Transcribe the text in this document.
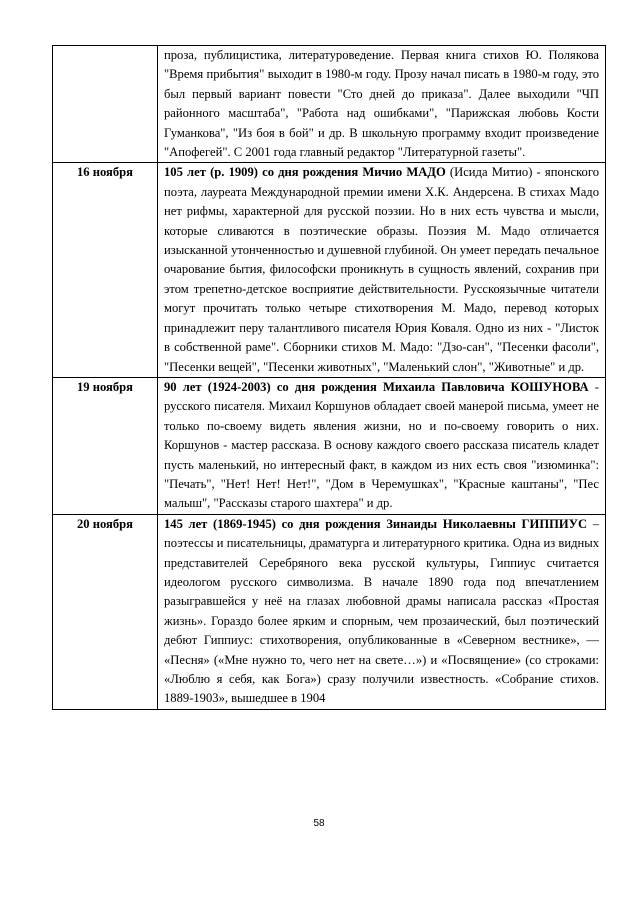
	проза, публицистика, литературоведение. Первая книга стихов Ю. Полякова "Время прибытия" выходит в 1980-м году. Прозу начал писать в 1980-м году, это был первый вариант повести "Сто дней до приказа". Далее выходили "ЧП районного масштаба", "Работа над ошибками", "Парижская любовь Кости Гуманкова", "Из боя в бой" и др. В школьную программу входит произведение "Апофегей". С 2001 года главный редактор "Литературной газеты".

16 ноября	105 лет (р. 1909) со дня рождения Мичио МАДО (Исида Митио) - японского поэта, лауреата Международной премии имени Х.К. Андерсена. В стихах Мадо нет рифмы, характерной для русской поэзии. Но в них есть чувства и мысли, которые сливаются в поэтические образы. Поэзия М. Мадо отличается изысканной утонченностью и душевной глубиной. Он умеет передать печальное очарование бытия, философски проникнуть в сущность явлений, сохранив при этом трепетно-детское восприятие действительности. Русскоязычные читатели могут прочитать только четыре стихотворения М. Мадо, перевод которых принадлежит перу талантливого писателя Юрия Коваля. Одно из них - "Листок в собственной раме". Сборники стихов М. Мадо: "Дзо-сан", "Песенки фасоли", "Песенки вещей", "Песенки животных", "Маленький слон", "Животные" и др.

19 ноября	90 лет (1924-2003) со дня рождения Михаила Павловича КОШУНОВА - русского писателя. Михаил Коршунов обладает своей манерой письма, умеет не только по-своему видеть явления жизни, но и по-своему говорить о них. Коршунов - мастер рассказа. В основу каждого своего рассказа писатель кладет пусть маленький, но интересный факт, в каждом из них есть своя "изюминка": "Печать", "Нет! Нет! Нет!", "Дом в Черемушках", "Красные каштаны", "Пес малыш", "Рассказы старого шахтера" и др.

20 ноября	145 лет (1869-1945) со дня рождения Зинаиды Николаевны ГИППИУС – поэтессы и писательницы, драматурга и литературного критика. Одна из видных представителей Серебряного века русской культуры, Гиппиус считается идеологом русского символизма. В начале 1890 года под впечатлением разыгравшейся у неё на глазах любовной драмы написала рассказ «Простая жизнь». Гораздо более ярким и спорным, чем прозаический, был поэтический дебют Гиппиус: стихотворения, опубликованные в «Северном вестнике», — «Песня» («Мне нужно то, чего нет на свете…») и «Посвящение» (со строками: «Люблю я себя, как Бога») сразу получили известность. «Собрание стихов. 1889-1903», вышедшее в 1904

58
